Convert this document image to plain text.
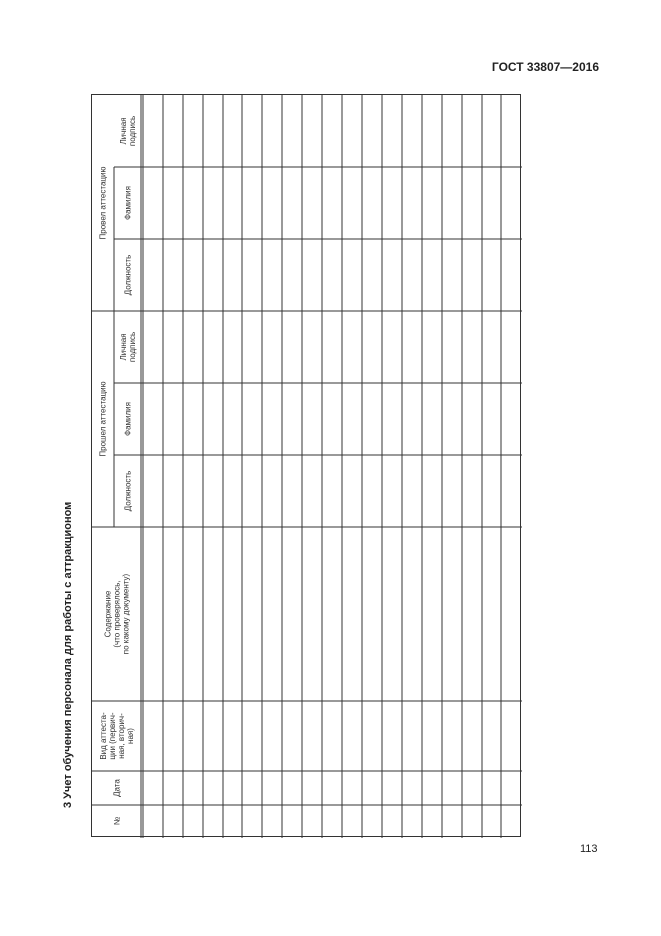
ГОСТ 33807—2016
3 Учет обучения персонала для работы с аттракционом
Провел аттестацию
Прошел аттестацию
Личная
подпись
Фамилия
Должность
Личная
подпись
Фамилия
Должность
Содержание
(что проверялось,
по какому документу)
Вид аттеста-
ции (первич-
ная, вторич-
ная)
Дата
№
113
